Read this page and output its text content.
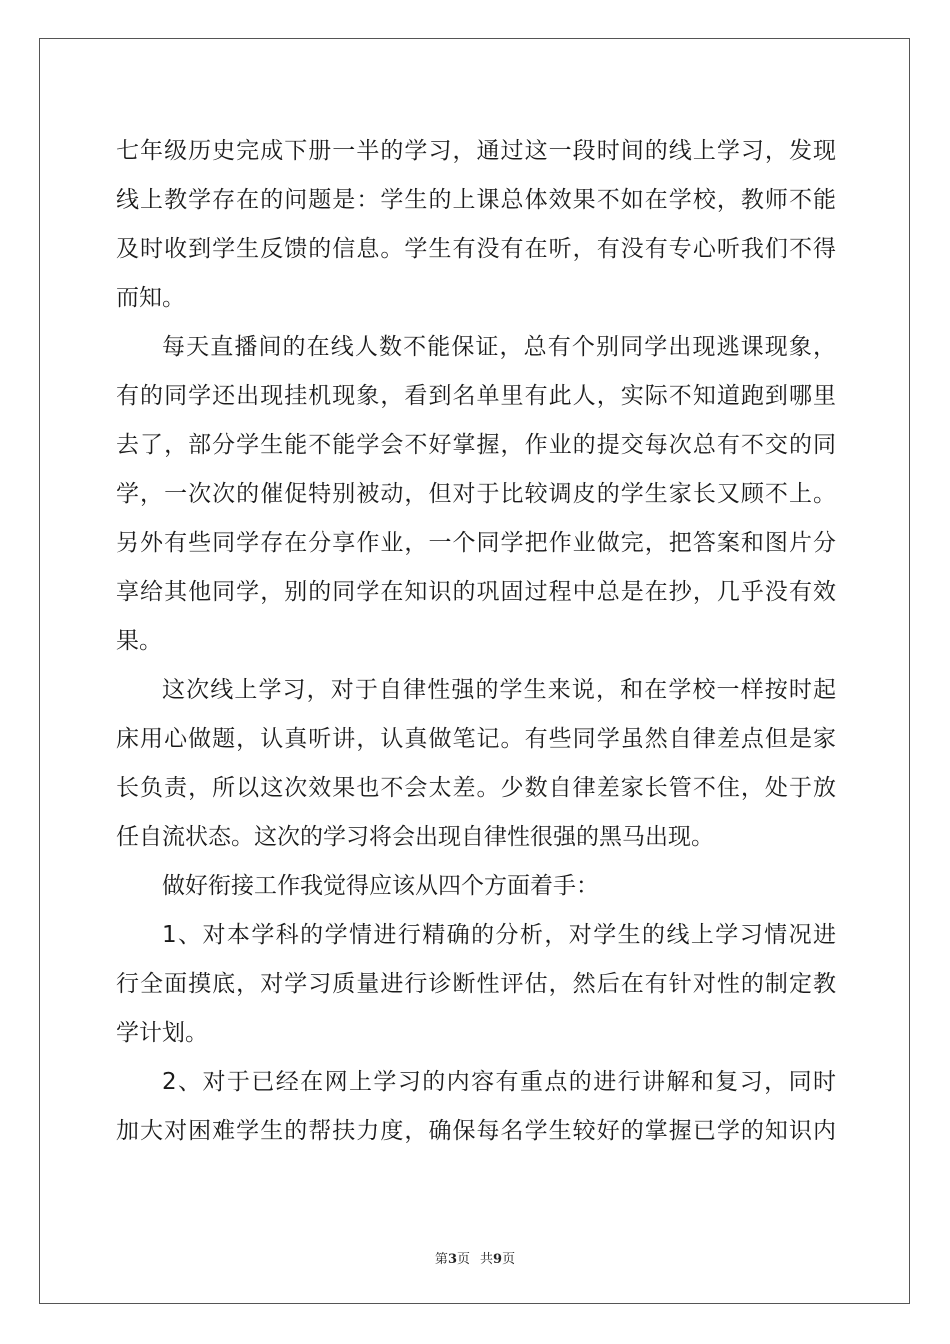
七年级历史完成下册一半的学习，通过这一段时间的线上学习，发现
线上教学存在的问题是：学生的上课总体效果不如在学校，教师不能
及时收到学生反馈的信息。学生有没有在听，有没有专心听我们不得
而知。
每天直播间的在线人数不能保证，总有个别同学出现逃课现象，
有的同学还出现挂机现象，看到名单里有此人，实际不知道跑到哪里
去了，部分学生能不能学会不好掌握，作业的提交每次总有不交的同
学，一次次的催促特别被动，但对于比较调皮的学生家长又顾不上。
另外有些同学存在分享作业，一个同学把作业做完，把答案和图片分
享给其他同学，别的同学在知识的巩固过程中总是在抄，几乎没有效
果。
这次线上学习，对于自律性强的学生来说，和在学校一样按时起
床用心做题，认真听讲，认真做笔记。有些同学虽然自律差点但是家
长负责，所以这次效果也不会太差。少数自律差家长管不住，处于放
任自流状态。这次的学习将会出现自律性很强的黑马出现。
做好衔接工作我觉得应该从四个方面着手：
1、对本学科的学情进行精确的分析，对学生的线上学习情况进
行全面摸底，对学习质量进行诊断性评估，然后在有针对性的制定教
学计划。
2、对于已经在网上学习的内容有重点的进行讲解和复习，同时
加大对困难学生的帮扶力度，确保每名学生较好的掌握已学的知识内
第3页 共9页
